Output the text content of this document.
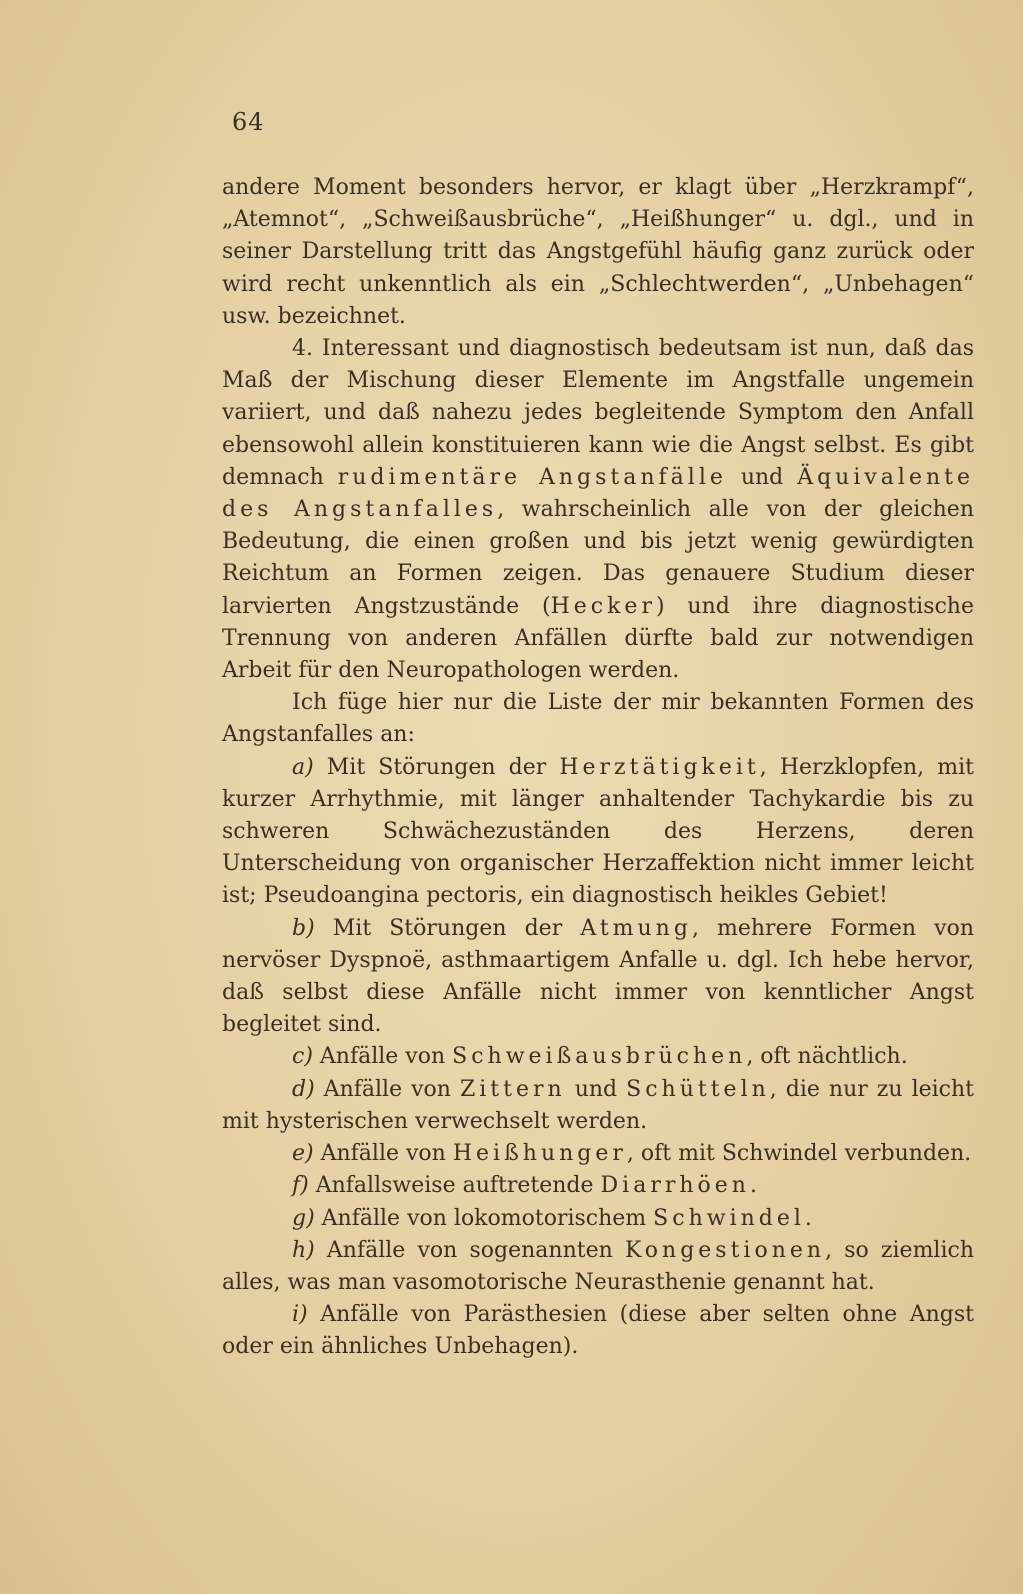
64

andere Moment besonders hervor, er klagt über „Herzkrampf“, „Atemnot“, „Schweißausbrüche“, „Heißhunger“ u. dgl., und in seiner Darstellung tritt das Angstgefühl häufig ganz zurück oder wird recht unkenntlich als ein „Schlechtwerden“, „Unbehagen“ usw. bezeichnet.

4. Interessant und diagnostisch bedeutsam ist nun, daß das Maß der Mischung dieser Elemente im Angstfalle ungemein variiert, und daß nahezu jedes begleitende Symptom den Anfall ebensowohl allein konstituieren kann wie die Angst selbst. Es gibt demnach rudimentäre Angstanfälle und Äquivalente des Angstanfalles, wahrscheinlich alle von der gleichen Bedeutung, die einen großen und bis jetzt wenig gewürdigten Reichtum an Formen zeigen. Das genauere Studium dieser larvierten Angstzustände (Hecker) und ihre diagnostische Trennung von anderen Anfällen dürfte bald zur notwendigen Arbeit für den Neuropathologen werden.

Ich füge hier nur die Liste der mir bekannten Formen des Angstanfalles an:

a) Mit Störungen der Herztätigkeit, Herzklopfen, mit kurzer Arrhythmie, mit länger anhaltender Tachykardie bis zu schweren Schwächezuständen des Herzens, deren Unterscheidung von organischer Herzaffektion nicht immer leicht ist; Pseudoangina pectoris, ein diagnostisch heikles Gebiet!

b) Mit Störungen der Atmung, mehrere Formen von nervöser Dyspnoë, asthmaartigem Anfalle u. dgl. Ich hebe hervor, daß selbst diese Anfälle nicht immer von kenntlicher Angst begleitet sind.

c) Anfälle von Schweißausbrüchen, oft nächtlich.

d) Anfälle von Zittern und Schütteln, die nur zu leicht mit hysterischen verwechselt werden.

e) Anfälle von Heißhunger, oft mit Schwindel verbunden.

f) Anfallsweise auftretende Diarrhöen.

g) Anfälle von lokomotorischem Schwindel.

h) Anfälle von sogenannten Kongestionen, so ziemlich alles, was man vasomotorische Neurasthenie genannt hat.

i) Anfälle von Parästhesien (diese aber selten ohne Angst oder ein ähnliches Unbehagen).
